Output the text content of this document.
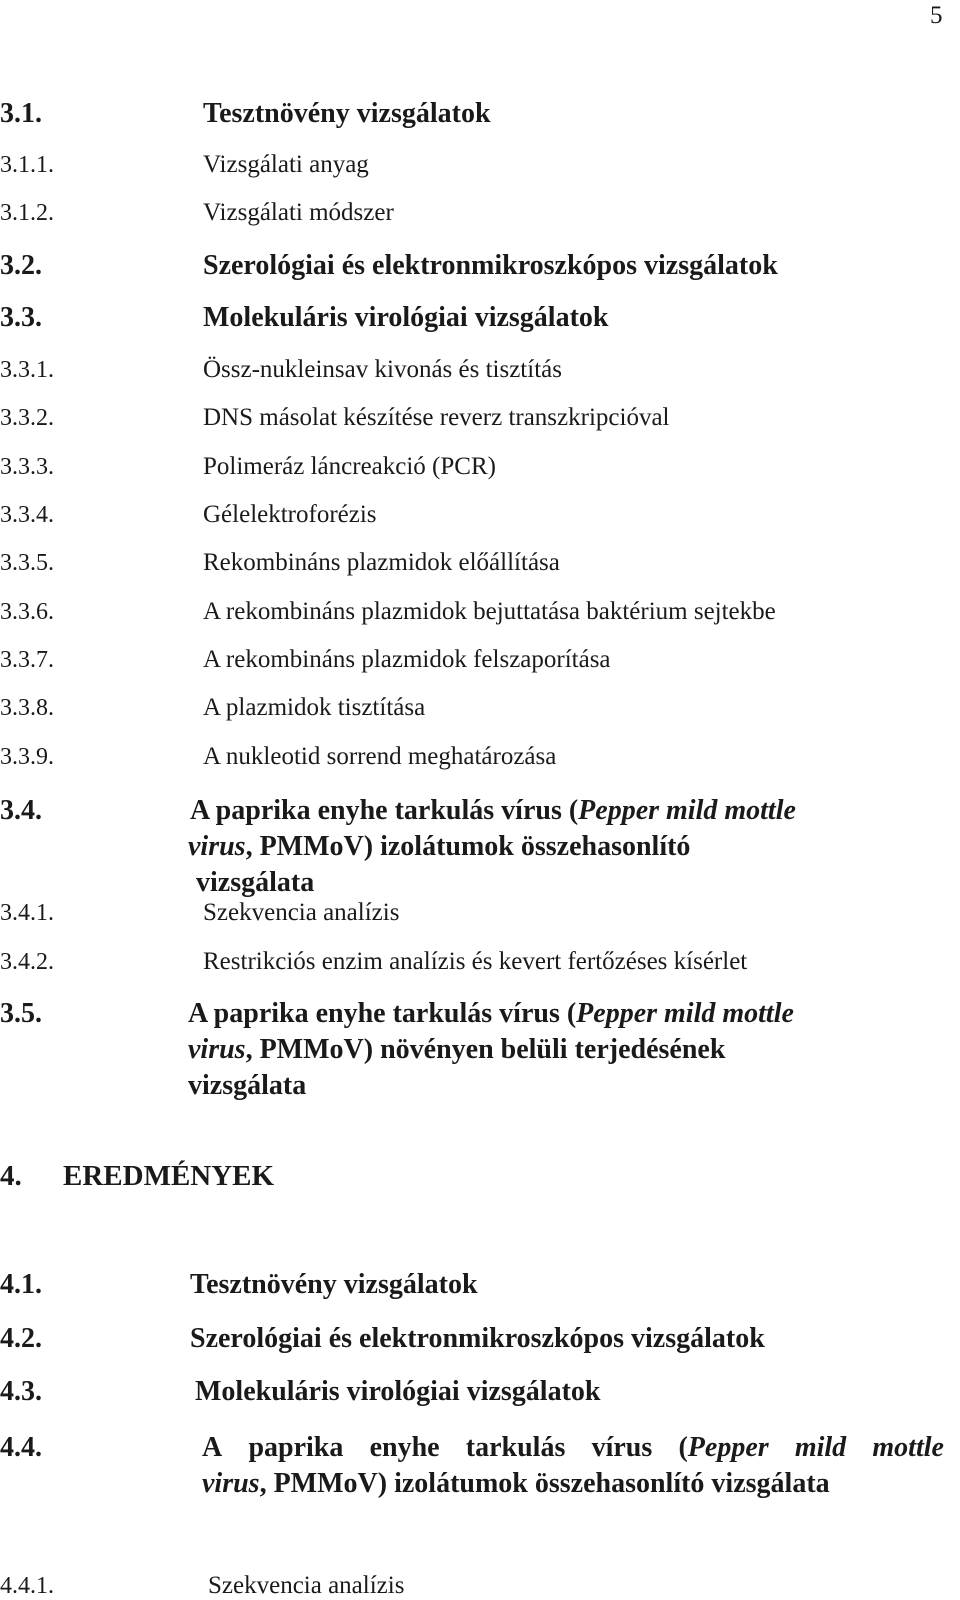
5
3.1.	Tesztnövény vizsgálatok
3.1.1.	Vizsgálati anyag
3.1.2.	Vizsgálati módszer
3.2.	Szerológiai és elektronmikroszkópos vizsgálatok
3.3.	Molekuláris virológiai vizsgálatok
3.3.1.	Össz-nukleinsav kivonás és tisztítás
3.3.2.	DNS másolat készítése reverz transzkripcióval
3.3.3.	Polimeráz láncreakció (PCR)
3.3.4.	Gélelektroforézis
3.3.5.	Rekombináns plazmidok előállítása
3.3.6.	A rekombináns plazmidok bejuttatása baktérium sejtekbe
3.3.7.	A rekombináns plazmidok felszaporítása
3.3.8.	A plazmidok tisztítása
3.3.9.	A nukleotid sorrend meghatározása
3.4.	A paprika enyhe tarkulás vírus (Pepper mild mottle
virus, PMMoV) izolátumok összehasonlító
vizsgálata
3.4.1.	Szekvencia analízis
3.4.2.	Restrikciós enzim analízis és kevert fertőzéses kísérlet
3.5.	A paprika enyhe tarkulás vírus (Pepper mild mottle
virus, PMMoV) növényen belüli terjedésének
vizsgálata
4. EREDMÉNYEK
4.1.	Tesztnövény vizsgálatok
4.2.	Szerológiai és elektronmikroszkópos vizsgálatok
4.3.	Molekuláris virológiai vizsgálatok
4.4.	A paprika enyhe tarkulás vírus (Pepper mild mottle
virus, PMMoV) izolátumok összehasonlító vizsgálata
4.4.1.	Szekvencia analízis
